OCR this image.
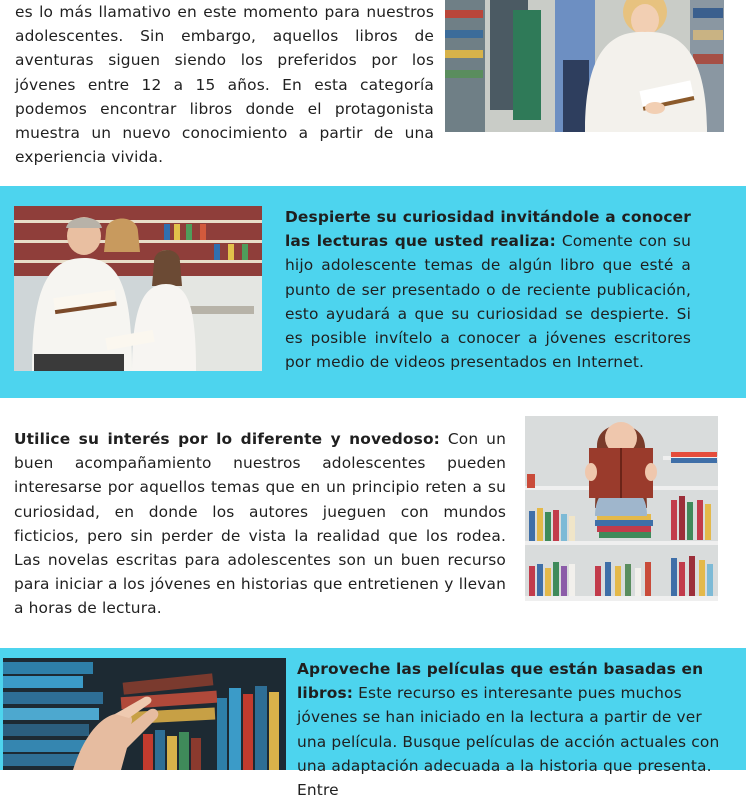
es lo más llamativo en este momento para nuestros adolescentes. Sin embargo, aquellos libros de aventuras siguen siendo los preferidos por los jóvenes entre 12 a 15 años. En esta categoría podemos encontrar libros donde el protagonista muestra un nuevo conocimiento a partir de una experiencia vivida.
Despierte su curiosidad invitándole a conocer las lecturas que usted realiza: Comente con su hijo adolescente temas de algún libro que esté a punto de ser presentado o de reciente publicación, esto ayudará a que su curiosidad se despierte. Si es posible invítelo a conocer a jóvenes escritores por medio de videos presentados en Internet.
Utilice su interés por lo diferente y novedoso: Con un buen acompañamiento nuestros adolescentes pueden interesarse por aquellos temas que en un principio reten a su curiosidad, en donde los autores jueguen con mundos ficticios, pero sin perder de vista la realidad que los rodea. Las novelas escritas para adolescentes son un buen recurso para iniciar a los jóvenes en historias que entretienen y llevan a horas de lectura.
Aproveche las películas que están basadas en libros: Este recurso es interesante pues muchos jóvenes se han iniciado en la lectura a partir de ver una película. Busque películas de acción actuales con una adaptación adecuada a la historia que presenta. Entre
